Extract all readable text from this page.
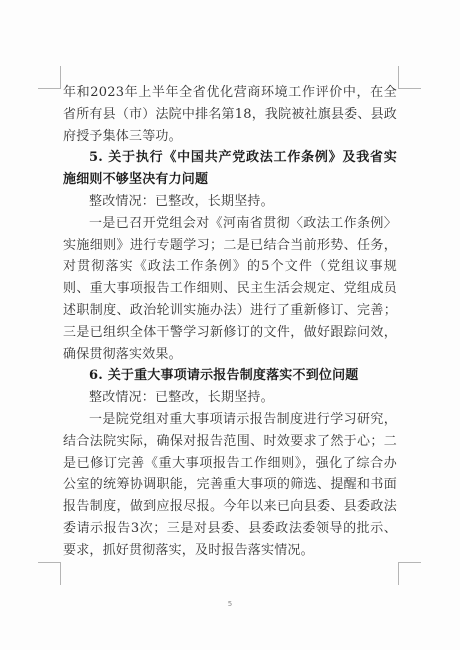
年和2023年上半年全省优化营商环境工作评价中，在全省所有县（市）法院中排名第18，我院被社旗县委、县政府授予集体三等功。

5. 关于执行《中国共产党政法工作条例》及我省实施细则不够坚决有力问题

整改情况：已整改，长期坚持。

一是已召开党组会对《河南省贯彻〈政法工作条例〉实施细则》进行专题学习；二是已结合当前形势、任务，对贯彻落实《政法工作条例》的5个文件（党组议事规则、重大事项报告工作细则、民主生活会规定、党组成员述职制度、政治轮训实施办法）进行了重新修订、完善；三是已组织全体干警学习新修订的文件，做好跟踪问效，确保贯彻落实效果。

6. 关于重大事项请示报告制度落实不到位问题

整改情况：已整改，长期坚持。

一是院党组对重大事项请示报告制度进行学习研究，结合法院实际，确保对报告范围、时效要求了然于心；二是已修订完善《重大事项报告工作细则》，强化了综合办公室的统筹协调职能，完善重大事项的筛选、提醒和书面报告制度，做到应报尽报。今年以来已向县委、县委政法委请示报告3次；三是对县委、县委政法委领导的批示、要求，抓好贯彻落实，及时报告落实情况。

5
